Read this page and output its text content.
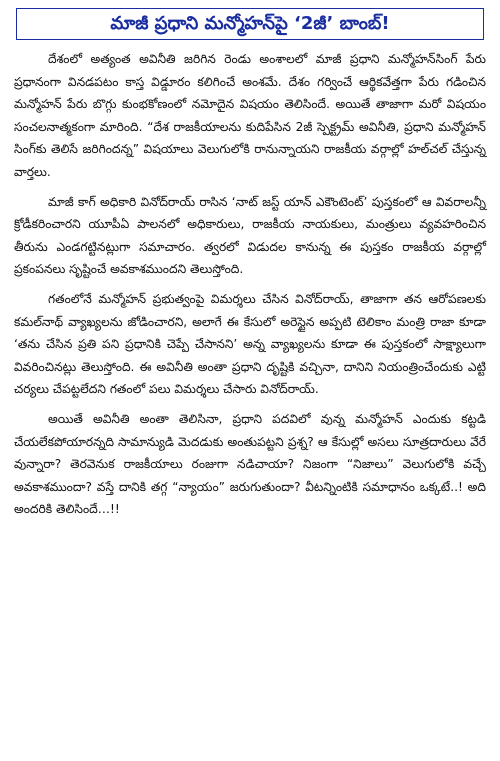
మాజీ ప్రధాని మన్మోహన్‌పై ‘2జీ’ బాంబ్!

దేశంలో అత్యంత అవినీతి జరిగిన రెండు అంశాలలో మాజీ ప్రధాని మన్మోహన్‌సింగ్ పేరు ప్రధానంగా వినడపటం కాస్త విడ్డూరం కలిగించే అంశమే. దేశం గర్వించే ఆర్థికవేత్తగా పేరు గడించిన మన్మోహన్ పేరు బొగ్గు కుంభకోణంలో నమోదైన విషయం తెలిసిందే. అయితే తాజాగా మరో విషయం సంచలనాత్మకంగా మారింది. “దేశ రాజకీయాలను కుదిపేసిన 2జీ స్పెక్ట్రమ్ అవినీతి, ప్రధాని మన్మోహన్ సింగ్‌కు తెలిసే జరిగిందన్న” విషయాలు వెలుగులోకి రానున్నాయని రాజకీయ వర్గాల్లో హల్‌చల్ చేస్తున్న వార్తలు.

మాజీ కాగ్ అధికారి వినోద్‌రాయ్ రాసిన ‘నాట్ జస్ట్ యాన్ ఎకౌంటెంట్’ పుస్తకంలో ఆ వివరాలన్నీ క్రోడీకరించారని యూపీఏ పాలనలో అధికారులు, రాజకీయ నాయకులు, మంత్రులు వ్యవహరించిన తీరును ఎండగట్టినట్లుగా సమాచారం. త్వరలో విడుదల కానున్న ఈ పుస్తకం రాజకీయ వర్గాల్లో ప్రకంపనలు సృష్టించే అవకాశముందని తెలుస్తోంది.

గతంలోనే మన్మోహన్ ప్రభుత్వంపై విమర్శలు చేసిన వినోద్‌రాయ్, తాజాగా తన ఆరోపణలకు కమల్‌నాథ్ వ్యాఖ్యలను జోడించారని, అలాగే ఈ కేసులో అరెస్టైన అప్పటి టెలికాం మంత్రి రాజా కూడా ‘తను చేసిన ప్రతి పని ప్రధానికి చెప్పే చేసానని’ అన్న వ్యాఖ్యలను కూడా ఈ పుస్తకంలో సాక్ష్యాలుగా వివరించినట్లు తెలుస్తోంది. ఈ అవినీతి అంతా ప్రధాని దృష్టికి వచ్చినా, దానిని నియంత్రించేందుకు ఎట్టి చర్యలు చేపట్టలేదని గతంలో పలు విమర్శలు చేసారు వినోద్‌రాయ్.

అయితే అవినీతి అంతా తెలిసినా, ప్రధాని పదవిలో వున్న మన్మోహన్ ఎందుకు కట్టడి చేయలేకపోయారన్నది సామాన్యుడి మెదడుకు అంతుపట్టని ప్రశ్న? ఆ కేసుల్లో అసలు సూత్రదారులు వేరే వున్నారా? తెరవెనుక రాజకీయాలు రంజుగా నడిచాయా? నిజంగా “నిజాలు” వెలుగులోకి వచ్చే అవకాశముందా? వస్తే దానికి తగ్గ “న్యాయం” జరుగుతుందా? వీటన్నింటికి సమాధానం ఒక్కటే..! అది అందరికి తెలిసిందే…!!
